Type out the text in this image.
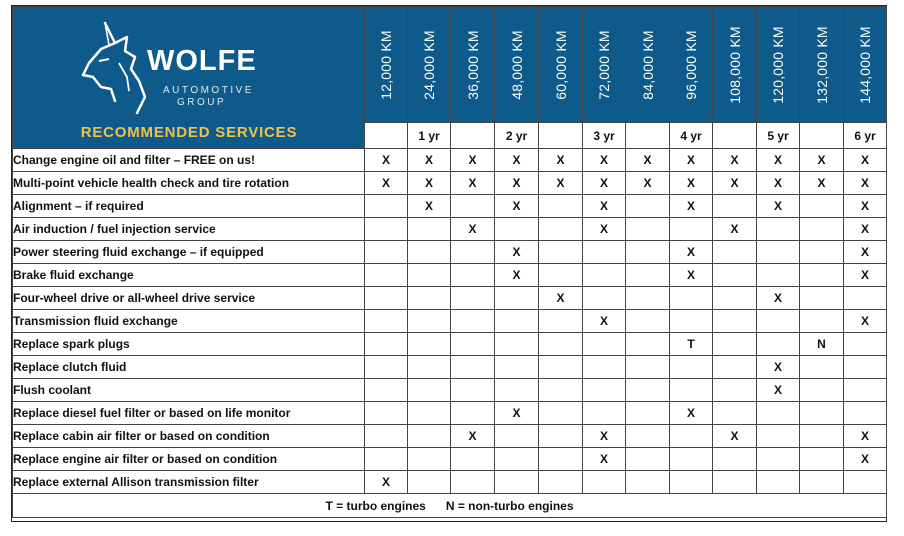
WOLFE
AUTOMOTIVE
GROUP
RECOMMENDED SERVICES	12,000 KM	24,000 KM	36,000 KM	48,000 KM	60,000 KM	72,000 KM	84,000 KM	96,000 KM	108,000 KM	120,000 KM	132,000 KM	144,000 KM

		1 yr		2 yr		3 yr		4 yr		5 yr		6 yr
Change engine oil and filter – FREE on us!	X	X	X	X	X	X	X	X	X	X	X	X
Multi-point vehicle health check and tire rotation	X	X	X	X	X	X	X	X	X	X	X	X
Alignment – if required		X		X		X		X		X		X
Air induction / fuel injection service			X			X			X			X
Power steering fluid exchange – if equipped				X				X				X
Brake fluid exchange				X				X				X
Four-wheel drive or all-wheel drive service					X					X		
Transmission fluid exchange						X						X
Replace spark plugs								T			N	
Replace clutch fluid										X		
Flush coolant										X		
Replace diesel fuel filter or based on life monitor				X				X				
Replace cabin air filter or based on condition			X			X			X			X
Replace engine air filter or based on condition						X						X
Replace external Allison transmission filter	X											
T = turbo engines      N = non-turbo engines												
